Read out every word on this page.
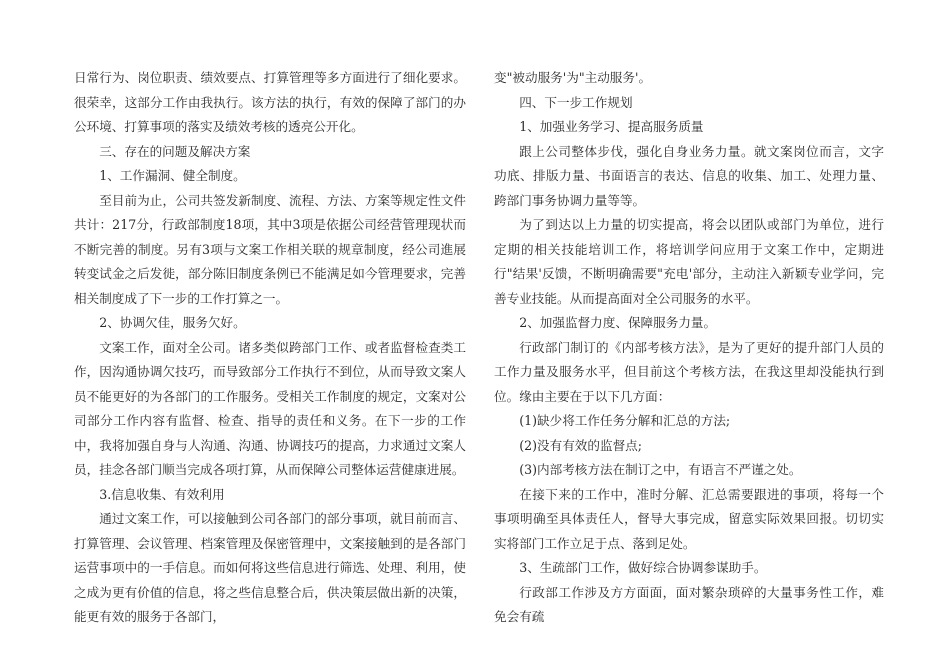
日常行为、岗位职责、绩效要点、打算管理等多方面进行了细化要求。很荣幸，这部分工作由我执行。该方法的执行，有效的保障了部门的办公环境、打算事项的落实及绩效考核的透亮公开化。

三、存在的问题及解决方案

1、工作漏洞、健全制度。

至目前为止，公司共签发新制度、流程、方法、方案等规定性文件共计：217分，行政部制度18项，其中3项是依据公司经营管理现状而不断完善的制度。另有3项与文案工作相关联的规章制度，经公司進展转变试金之后发徙，部分陈旧制度条例已不能满足如今管理要求，完善相关制度成了下一步的工作打算之一。

2、协调欠佳，服务欠好。

文案工作，面对全公司。诸多类似跨部门工作、或者监督检查类工作，因沟通协调欠技巧，而导致部分工作执行不到位，从而导致文案人员不能更好的为各部门的工作服务。受相关工作制度的规定，文案对公司部分工作内容有监督、检查、指导的责任和义务。在下一步的工作中，我将加强自身与人沟通、沟通、协调技巧的提高，力求通过文案人员，挂念各部门顺当完成各项打算，从而保障公司整体运营健康进展。

3.信息收集、有效利用

通过文案工作，可以接触到公司各部门的部分事项，就目前而言、打算管理、会议管理、档案管理及保密管理中，文案接触到的是各部门运营事项中的一手信息。而如何将这些信息进行筛选、处理、利用，使之成为更有价值的信息，将之些信息整合后，供决策层做出新的决策，能更有效的服务于各部门，

变"被动服务'为"主动服务'。

四、下一步工作规划

1、加强业务学习、提高服务质量

跟上公司整体步伐，强化自身业务力量。就文案岗位而言，文字功底、排版力量、书面语言的表达、信息的收集、加工、处理力量、跨部门事务协调力量等等。

为了到达以上力量的切实提高，将会以团队或部门为单位，进行定期的相关技能培训工作，将培训学问应用于文案工作中，定期进行"结果'反馈，不断明确需要"充电'部分，主动注入新颖专业学问，完善专业技能。从而提高面对全公司服务的水平。

2、加强监督力度、保障服务力量。

行政部门制订的《内部考核方法》，是为了更好的提升部门人员的工作力量及服务水平，但目前这个考核方法，在我这里却没能执行到位。缘由主要在于以下几方面：

(1)缺少将工作任务分解和汇总的方法;

(2)没有有效的监督点;

(3)内部考核方法在制订之中，有语言不严谨之处。

在接下来的工作中，准时分解、汇总需要跟进的事项，将每一个事项明确至具体责任人，督导大事完成，留意实际效果回报。切切实实将部门工作立足于点、落到足处。

3、生疏部门工作，做好综合协调参谋助手。

行政部工作涉及方方面面，面对繁杂琐碎的大量事务性工作，难免会有疏
